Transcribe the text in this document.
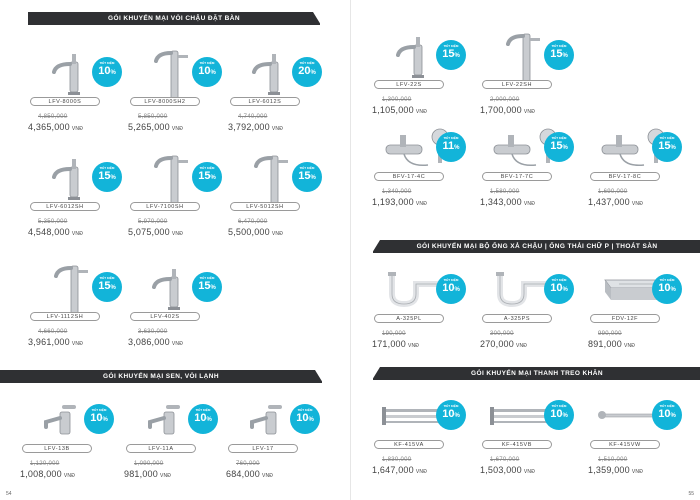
GÓI KHUYẾN MẠI VÒI CHẬU ĐẶT BÀN
GÓI KHUYẾN MẠI SEN, VÒI LẠNH
54
GÓI KHUYẾN MẠI BỘ ỐNG XẢ CHẬU | ỐNG THẢI CHỮ P | THOÁT SÀN
GÓI KHUYẾN MẠI THANH TREO KHĂN
55
TIẾT KIỆM
10%
LFV-8000S
4,850,000
4,365,000 VNĐ
TIẾT KIỆM
10%
LFV-8000SH2
5,850,000
5,265,000 VNĐ
TIẾT KIỆM
20%
LFV-6012S
4,740,000
3,792,000 VNĐ
TIẾT KIỆM
15%
LFV-6012SH
5,350,000
4,548,000 VNĐ
TIẾT KIỆM
15%
LFV-7100SH
5,970,000
5,075,000 VNĐ
TIẾT KIỆM
15%
LFV-5012SH
6,470,000
5,500,000 VNĐ
TIẾT KIỆM
15%
LFV-1112SH
4,660,000
3,961,000 VNĐ
TIẾT KIỆM
15%
LFV-402S
3,630,000
3,086,000 VNĐ
TIẾT KIỆM
10%
LFV-13B
1,120,000
1,008,000 VNĐ
TIẾT KIỆM
10%
LFV-11A
1,090,000
981,000 VNĐ
TIẾT KIỆM
10%
LFV-17
760,000
684,000 VNĐ
TIẾT KIỆM
15%
LFV-22S
1,300,000
1,105,000 VNĐ
TIẾT KIỆM
15%
LFV-22SH
2,000,000
1,700,000 VNĐ
TIẾT KIỆM
11%
BFV-17-4C
1,340,000
1,193,000 VNĐ
TIẾT KIỆM
15%
BFV-17-7C
1,580,000
1,343,000 VNĐ
TIẾT KIỆM
15%
BFV-17-8C
1,690,000
1,437,000 VNĐ
TIẾT KIỆM
10%
A-325PL
190,000
171,000 VNĐ
TIẾT KIỆM
10%
A-325PS
300,000
270,000 VNĐ
TIẾT KIỆM
10%
FDV-12F
990,000
891,000 VNĐ
TIẾT KIỆM
10%
KF-415VA
1,830,000
1,647,000 VNĐ
TIẾT KIỆM
10%
KF-415VB
1,670,000
1,503,000 VNĐ
TIẾT KIỆM
10%
KF-415VW
1,510,000
1,359,000 VNĐ
